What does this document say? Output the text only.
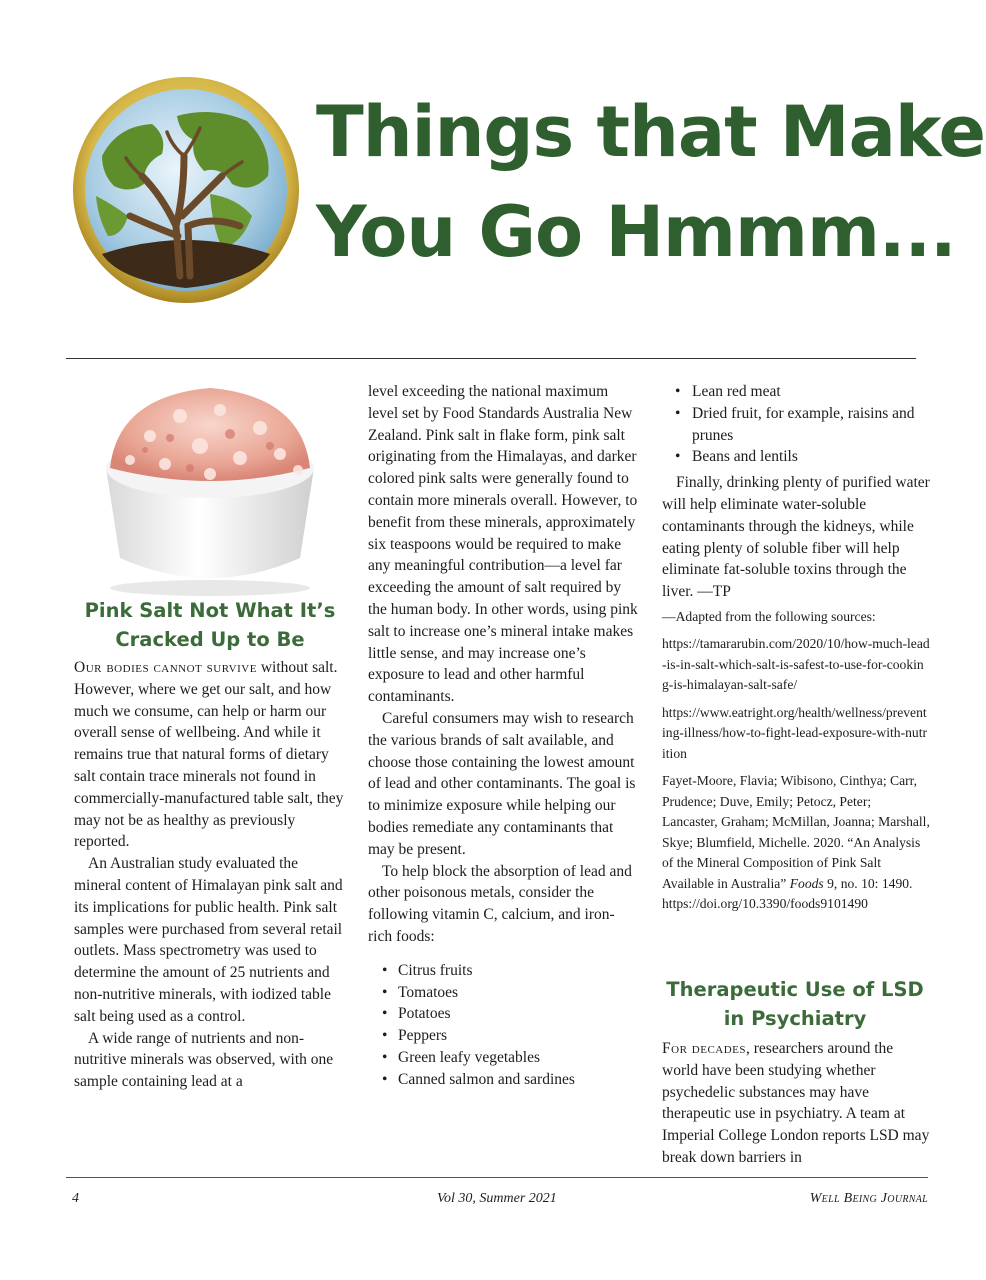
Things that Make
You Go Hmmm...
Pink Salt Not What It’s
Cracked Up to Be

Our bodies cannot survive without salt. However, where we get our salt, and how much we consume, can help or harm our overall sense of wellbeing. And while it remains true that natural forms of dietary salt contain trace minerals not found in commercially-manufactured table salt, they may not be as healthy as previously reported.

An Australian study evaluated the mineral content of Himalayan pink salt and its implications for public health. Pink salt samples were purchased from several retail outlets. Mass spectrometry was used to determine the amount of 25 nutrients and non-nutritive minerals, with iodized table salt being used as a control.

A wide range of nutrients and non-nutritive minerals was observed, with one sample containing lead at a

level exceeding the national maximum level set by Food Standards Australia New Zealand. Pink salt in flake form, pink salt originating from the Himalayas, and darker colored pink salts were generally found to contain more minerals overall. However, to benefit from these minerals, approximately six teaspoons would be required to make any meaningful contribution—a level far exceeding the amount of salt required by the human body. In other words, using pink salt to increase one’s mineral intake makes little sense, and may increase one’s exposure to lead and other harmful contaminants.

Careful consumers may wish to research the various brands of salt available, and choose those containing the lowest amount of lead and other contaminants. The goal is to minimize exposure while helping our bodies remediate any contaminants that may be present.

To help block the absorption of lead and other poisonous metals, consider the following vitamin C, calcium, and iron-rich foods:

• Citrus fruits
• Tomatoes
• Potatoes
• Peppers
• Green leafy vegetables
• Canned salmon and sardines
• Lean red meat
• Dried fruit, for example, raisins and prunes
• Beans and lentils

Finally, drinking plenty of purified water will help eliminate water-soluble contaminants through the kidneys, while eating plenty of soluble fiber will help eliminate fat-soluble toxins through the liver. —TP

—Adapted from the following sources:

https://tamararubin.com/2020/10/how-much-lead-is-in-salt-which-salt-is-safest-to-use-for-cooking-is-himalayan-salt-safe/

https://www.eatright.org/health/wellness/preventing-illness/how-to-fight-lead-exposure-with-nutrition

Fayet-Moore, Flavia; Wibisono, Cinthya; Carr, Prudence; Duve, Emily; Petocz, Peter; Lancaster, Graham; McMillan, Joanna; Marshall, Skye; Blumfield, Michelle. 2020. “An Analysis of the Mineral Composition of Pink Salt Available in Australia” Foods 9, no. 10: 1490. https://doi.org/10.3390/foods9101490

Therapeutic Use of LSD
in Psychiatry

For decades, researchers around the world have been studying whether psychedelic substances may have therapeutic use in psychiatry. A team at Imperial College London reports LSD may break down barriers in

4	Vol 30, Summer 2021	Well Being Journal
